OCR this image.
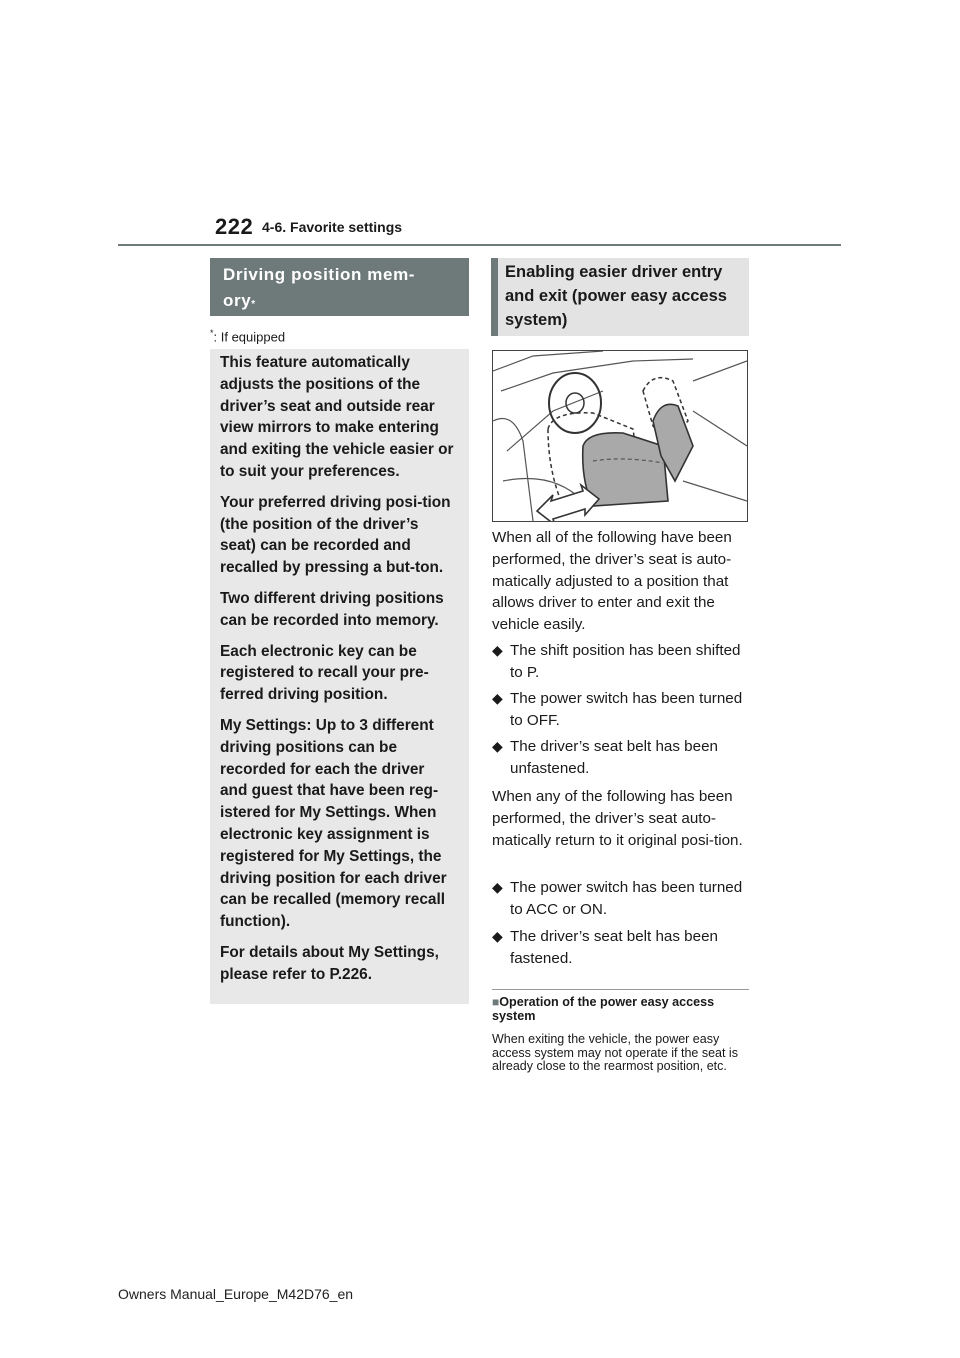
222 4-6. Favorite settings
Driving position mem-
ory*
*: If equipped

This feature automatically adjusts the positions of the driver’s seat and outside rear view mirrors to make entering and exiting the vehicle easier or to suit your preferences.

Your preferred driving posi-tion (the position of the driver’s seat) can be recorded and recalled by pressing a but-ton.

Two different driving positions can be recorded into memory.

Each electronic key can be registered to recall your pre-ferred driving position.

My Settings: Up to 3 different driving positions can be recorded for each the driver and guest that have been reg-istered for My Settings. When electronic key assignment is registered for My Settings, the driving position for each driver can be recalled (memory recall function).

For details about My Settings, please refer to P.226.

Enabling easier driver entry and exit (power easy access system)

When all of the following have been performed, the driver’s seat is auto-matically adjusted to a position that allows driver to enter and exit the vehicle easily.

◆ The shift position has been shifted to P.
◆ The power switch has been turned to OFF.
◆ The driver’s seat belt has been unfastened.

When any of the following has been performed, the driver’s seat auto-matically return to it original posi-tion.

◆ The power switch has been turned to ACC or ON.
◆ The driver’s seat belt has been fastened.
■Operation of the power easy access system

When exiting the vehicle, the power easy access system may not operate if the seat is already close to the rearmost position, etc.

Owners Manual_Europe_M42D76_en
